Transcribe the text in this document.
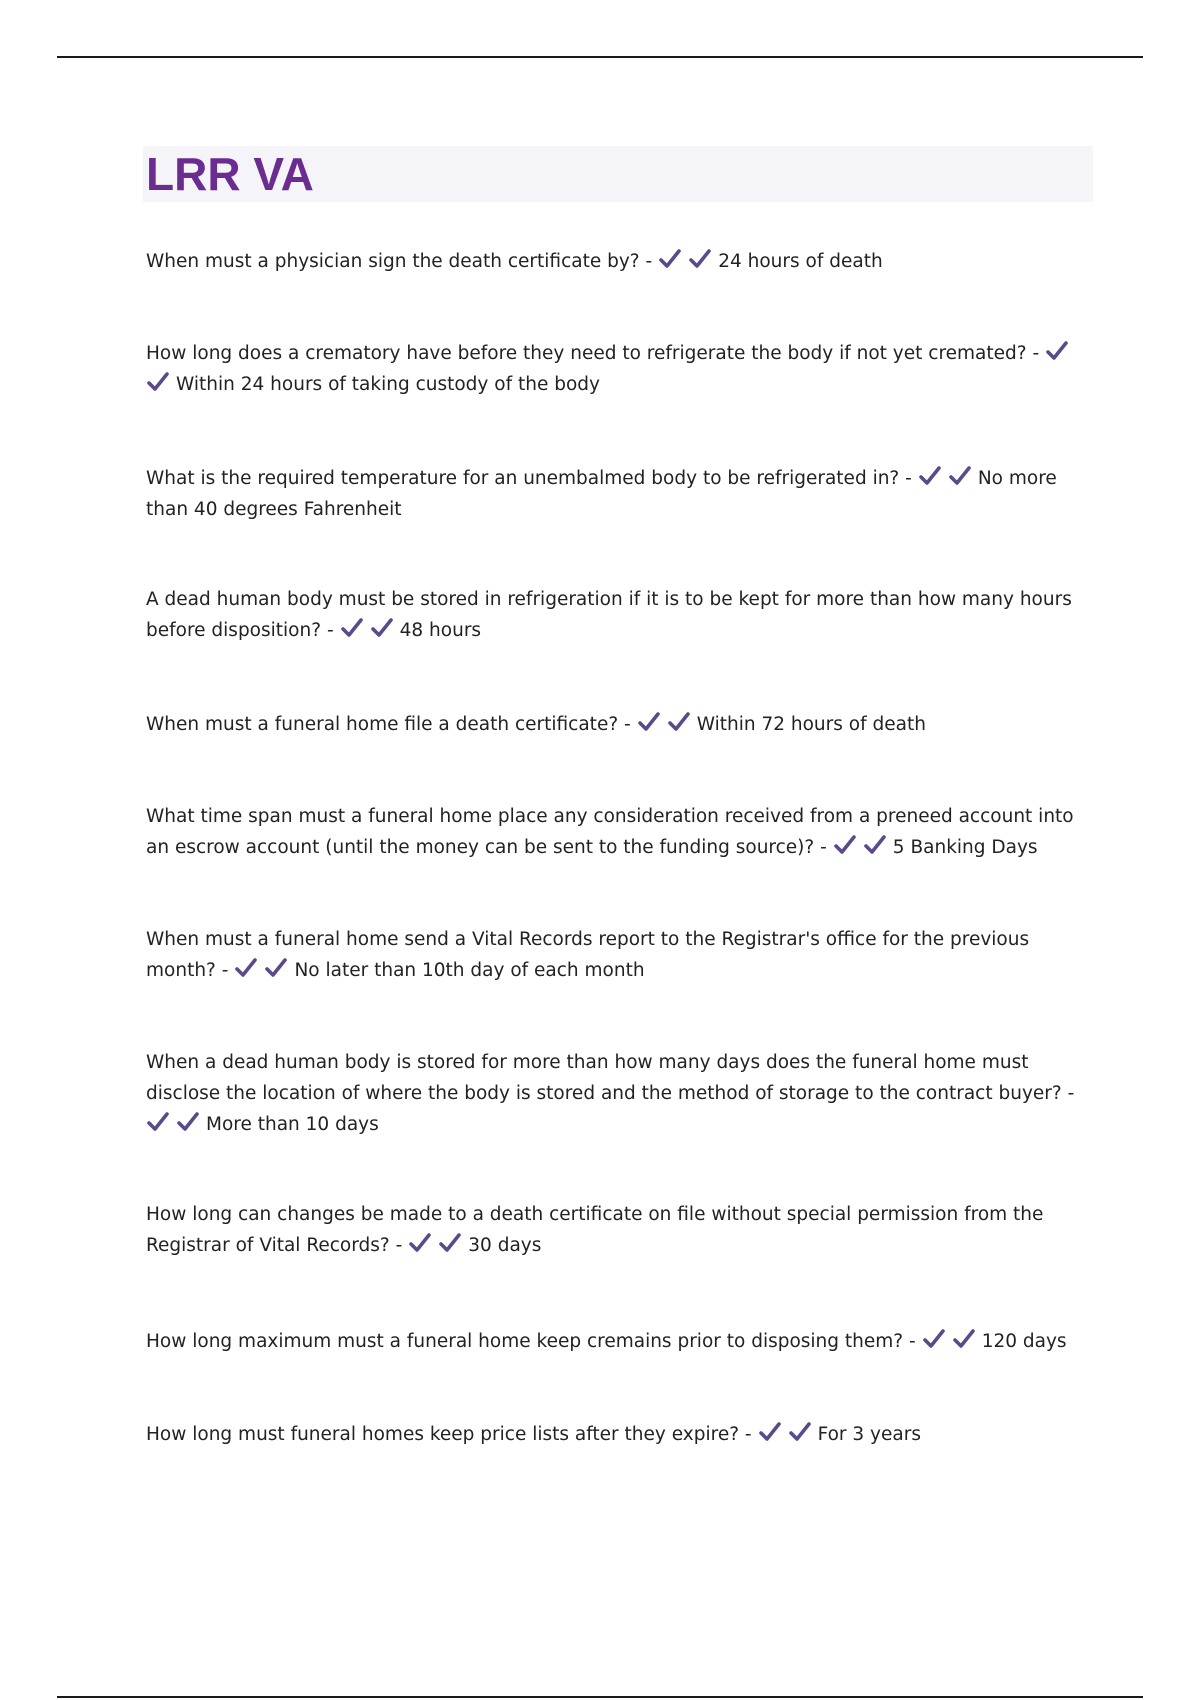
LRR VA

When must a physician sign the death certificate by? -	24 hours of death

How long does a crematory have before they need to refrigerate the body if not yet cremated? -
Within 24 hours of taking custody of the body

What is the required temperature for an unembalmed body to be refrigerated in? -	No more than 40 degrees Fahrenheit

A dead human body must be stored in refrigeration if it is to be kept for more than how many hours before disposition? -	48 hours

When must a funeral home file a death certificate? -	Within 72 hours of death

What time span must a funeral home place any consideration received from a preneed account into an escrow account (until the money can be sent to the funding source)? -	5 Banking Days

When must a funeral home send a Vital Records report to the Registrar's office for the previous month? -	No later than 10th day of each month

When a dead human body is stored for more than how many days does the funeral home must disclose the location of where the body is stored and the method of storage to the contract buyer? -
More than 10 days

How long can changes be made to a death certificate on file without special permission from the Registrar of Vital Records? -	30 days

How long maximum must a funeral home keep cremains prior to disposing them? -	120 days

How long must funeral homes keep price lists after they expire? -	For 3 years
